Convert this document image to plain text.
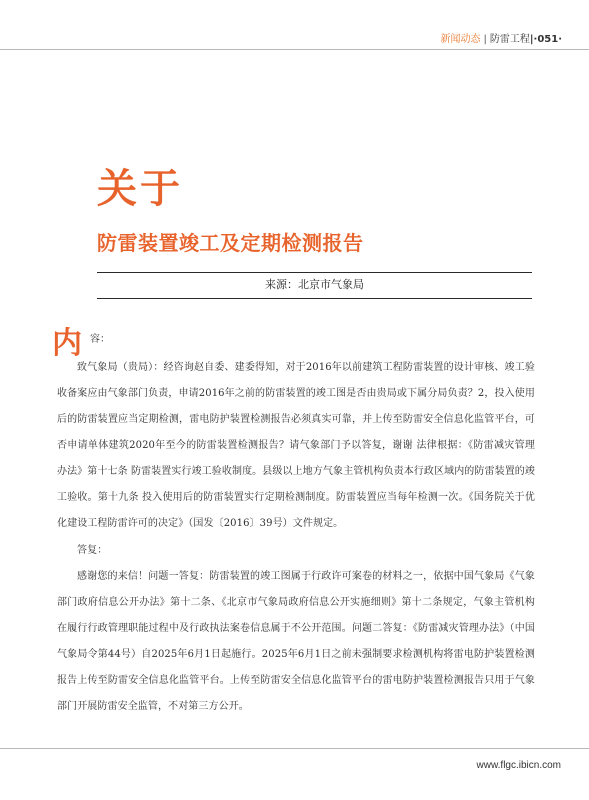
新闻动态 | 防雷工程|·051·
关于
防雷装置竣工及定期检测报告
来源：北京市气象局
内 容：

致气象局（贵局）：经咨询赵自委、建委得知，对于2016年以前建筑工程防雷装置的设计审核、竣工验收备案应由气象部门负责，申请2016年之前的防雷装置的竣工图是否由贵局或下属分局负责？2，投入使用后的防雷装置应当定期检测，雷电防护装置检测报告必须真实可靠，并上传至防雷安全信息化监管平台，可否申请单体建筑2020年至今的防雷装置检测报告？请气象部门予以答复，谢谢 法律根据：《防雷减灾管理办法》第十七条 防雷装置实行竣工验收制度。县级以上地方气象主管机构负责本行政区域内的防雷装置的竣工验收。第十九条 投入使用后的防雷装置实行定期检测制度。防雷装置应当每年检测一次。《国务院关于优化建设工程防雷许可的决定》（国发〔2016〕39号）文件规定。

答复：

感谢您的来信！问题一答复：防雷装置的竣工图属于行政许可案卷的材料之一，依据中国气象局《气象部门政府信息公开办法》第十二条、《北京市气象局政府信息公开实施细则》第十二条规定，气象主管机构在履行行政管理职能过程中及行政执法案卷信息属于不公开范围。问题二答复：《防雷减灾管理办法》（中国气象局令第44号）自2025年6月1日起施行。2025年6月1日之前未强制要求检测机构将雷电防护装置检测报告上传至防雷安全信息化监管平台。上传至防雷安全信息化监管平台的雷电防护装置检测报告只用于气象部门开展防雷安全监管，不对第三方公开。

www.flgc.ibicn.com
